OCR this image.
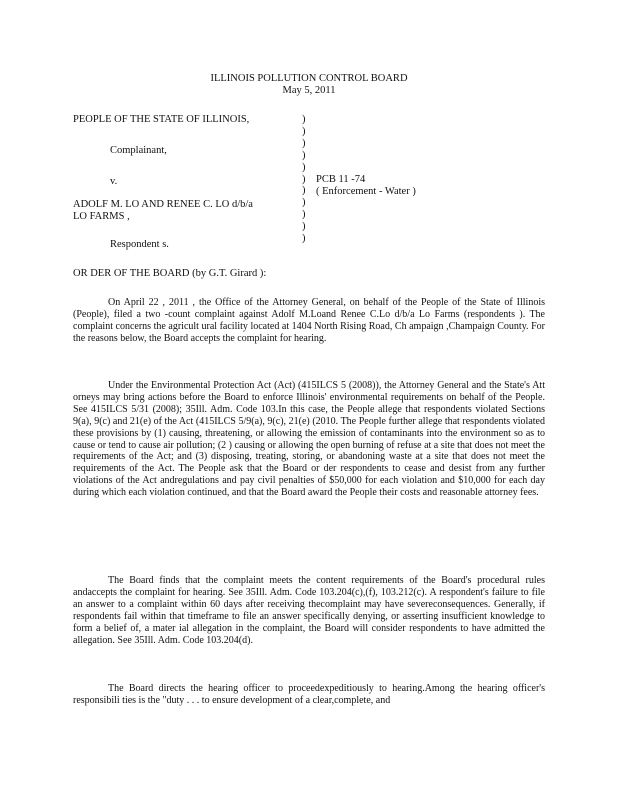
ILLINOIS POLLUTION CONTROL BOARD
May 5, 2011
PEOPLE OF THE STATE OF ILLINOIS,
Complainant,
v.
ADOLF M. LO AND RENEE C. LO d/b/a
LO FARMS ,
Respondent s.
)
)
)
)
)
)
)
)
)
)
)
PCB 11 -74
( Enforcement - Water )
OR DER OF THE BOARD (by G.T. Girard ):

On April 22 , 2011 , the Office of the Attorney General, on behalf of the People of the State of Illinois (People), filed a two -count complaint against Adolf M.Loand Renee C.Lo d/b/a Lo Farms (respondents ). The complaint concerns the agricult ural facility located at 1404 North Rising Road, Ch ampaign ,Champaign County. For the reasons below, the Board accepts the complaint for hearing.

Under the Environmental Protection Act (Act) (415ILCS 5 (2008)), the Attorney General and the State's Att orneys may bring actions before the Board to enforce Illinois' environmental requirements on behalf of the People. See 415ILCS 5/31 (2008); 35Ill. Adm. Code 103.In this case, the People allege that respondents violated Sections 9(a), 9(c) and 21(e) of the Act (415ILCS 5/9(a), 9(c), 21(e) (2010. The People further allege that respondents violated these provisions by (1) causing, threatening, or allowing the emission of contaminants into the environment so as to cause or tend to cause air pollution; (2 ) causing or allowing the open burning of refuse at a site that does not meet the requirements of the Act; and (3) disposing, treating, storing, or abandoning waste at a site that does not meet the requirements of the Act. The People ask that the Board or der respondents to cease and desist from any further violations of the Act andregulations and pay civil penalties of $50,000 for each violation and $10,000 for each day during which each violation continued, and that the Board award the People their costs and reasonable attorney fees.

The Board finds that the complaint meets the content requirements of the Board's procedural rules andaccepts the complaint for hearing. See 35Ill. Adm. Code 103.204(c),(f), 103.212(c). A respondent's failure to file an answer to a complaint within 60 days after receiving thecomplaint may have severeconsequences. Generally, if respondents fail within that timeframe to file an answer specifically denying, or asserting insufficient knowledge to form a belief of, a mater ial allegation in the complaint, the Board will consider respondents to have admitted the allegation. See 35Ill. Adm. Code 103.204(d).

The Board directs the hearing officer to proceedexpeditiously to hearing.Among the hearing officer's responsibili ties is the "duty . . . to ensure development of a clear,complete, and
